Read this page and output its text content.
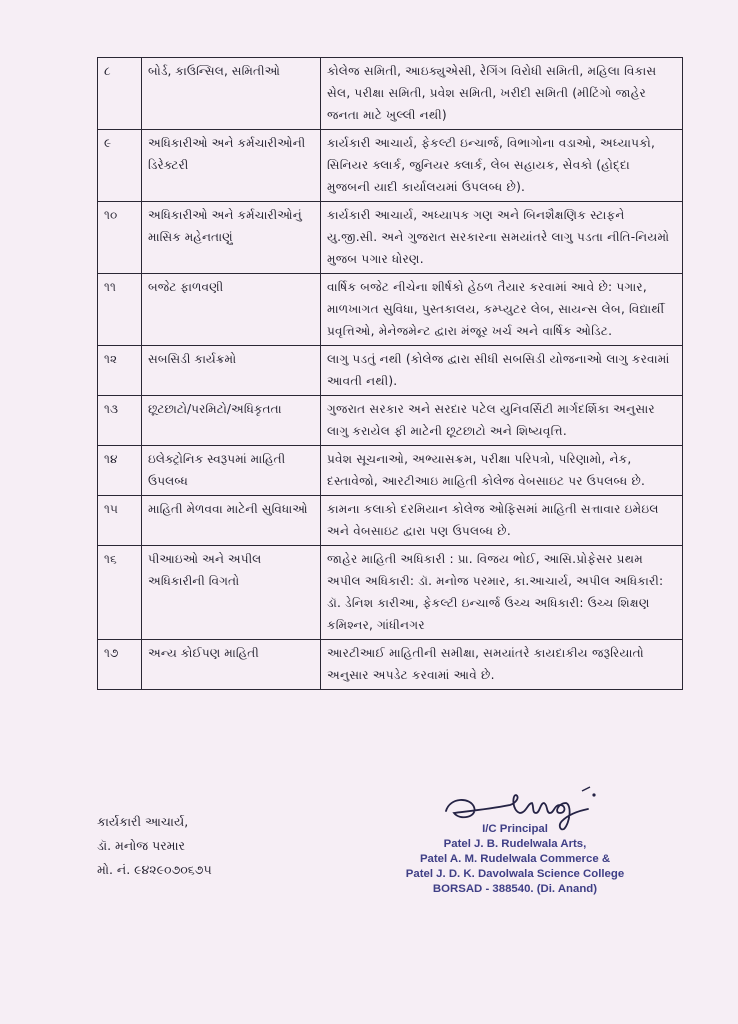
૮	બોર્ડ, કાઉન્સિલ, સમિતીઓ	કોલેજ સમિતી, આઇક્યુએસી, રેગિંગ વિરોધી સમિતી, મહિલા વિકાસ સેલ, પરીક્ષા સમિતી, પ્રવેશ સમિતી, ખરીદી સમિતી (મીટિંગો જાહેર જનતા માટે ખુલ્લી નથી)
૯	અધિકારીઓ અને કર્મચારીઓની ડિરેક્ટરી	કાર્યકારી આચાર્ય, ફેકલ્ટી ઇન્ચાર્જ, વિભાગોના વડાઓ, અધ્યાપકો, સિનિયર ક્લાર્ક, જુનિયર ક્લાર્ક, લેબ સહાયક, સેવકો (હોદ્દા મુજબની યાદી કાર્યાલયમાં ઉપલબ્ધ છે).
૧૦	અધિકારીઓ અને કર્મચારીઓનું માસિક મહેનતાણું	કાર્યકારી આચાર્ય, અધ્યાપક ગણ અને બિનશૈક્ષણિક સ્ટાફને યુ.જી.સી. અને ગુજરાત સરકારના સમયાંતરે લાગુ પડતા નીતિ-નિયમો મુજબ પગાર ધોરણ.
૧૧	બજેટ ફાળવણી	વાર્ષિક બજેટ નીચેના શીર્ષકો હેઠળ તૈયાર કરવામાં આવે છે: પગાર, માળખાગત સુવિધા, પુસ્તકાલય, કમ્પ્યુટર લેબ, સાયન્સ લેબ, વિદ્યાર્થી પ્રવૃત્તિઓ, મેનેજમેન્ટ દ્વારા મંજૂર ખર્ચ અને વાર્ષિક ઓડિટ.
૧૨	સબસિડી કાર્યક્રમો	લાગુ પડતું નથી (કોલેજ દ્વારા સીધી સબસિડી યોજનાઓ લાગુ કરવામાં આવતી નથી).
૧૩	છૂટછાટો/પરમિટો/અધિકૃતતા	ગુજરાત સરકાર અને સરદાર પટેલ યુનિવર્સિટી માર્ગદર્શિકા અનુસાર લાગુ કરાયેલ ફી માટેની છૂટછાટો અને શિષ્યવૃત્તિ.
૧૪	ઇલેક્ટ્રોનિક સ્વરૂપમાં માહિતી ઉપલબ્ધ	પ્રવેશ સૂચનાઓ, અભ્યાસક્રમ, પરીક્ષા પરિપત્રો, પરિણામો, નેક, દસ્તાવેજો, આરટીઆઇ માહિતી કોલેજ વેબસાઇટ પર ઉપલબ્ધ છે.
૧૫	માહિતી મેળવવા માટેની સુવિધાઓ	કામના કલાકો દરમિયાન કોલેજ ઓફિસમાં માહિતી સત્તાવાર ઇમેઇલ અને વેબસાઇટ દ્વારા પણ ઉપલબ્ધ છે.
૧૬	પીઆઇઓ અને અપીલ અધિકારીની વિગતો	જાહેર માહિતી અધિકારી : પ્રા. વિજય ભોઈ, આસિ.પ્રોફેસર પ્રથમ અપીલ અધિકારી: ડૉ. મનોજ પરમાર, કા.આચાર્ય, અપીલ અધિકારી: ડૉ. ડેનિશ કારીઆ, ફેકલ્ટી ઇન્ચાર્જ ઉચ્ચ અધિકારી: ઉચ્ચ શિક્ષણ કમિશ્નર, ગાંધીનગર
૧૭	અન્ય કોઈપણ માહિતી	આરટીઆઈ માહિતીની સમીક્ષા, સમયાંતરે કાયદાકીય જરૂરિયાતો અનુસાર અપડેટ કરવામાં આવે છે.
કાર્યકારી આચાર્ય,
ડૉ. મનોજ પરમાર
મો. નં. ૯૪૨૯૦૭૦૬૭૫
I/C Principal
Patel J. B. Rudelwala Arts,
Patel A. M. Rudelwala Commerce &
Patel J. D. K. Davolwala Science College
BORSAD - 388540. (Di. Anand)
